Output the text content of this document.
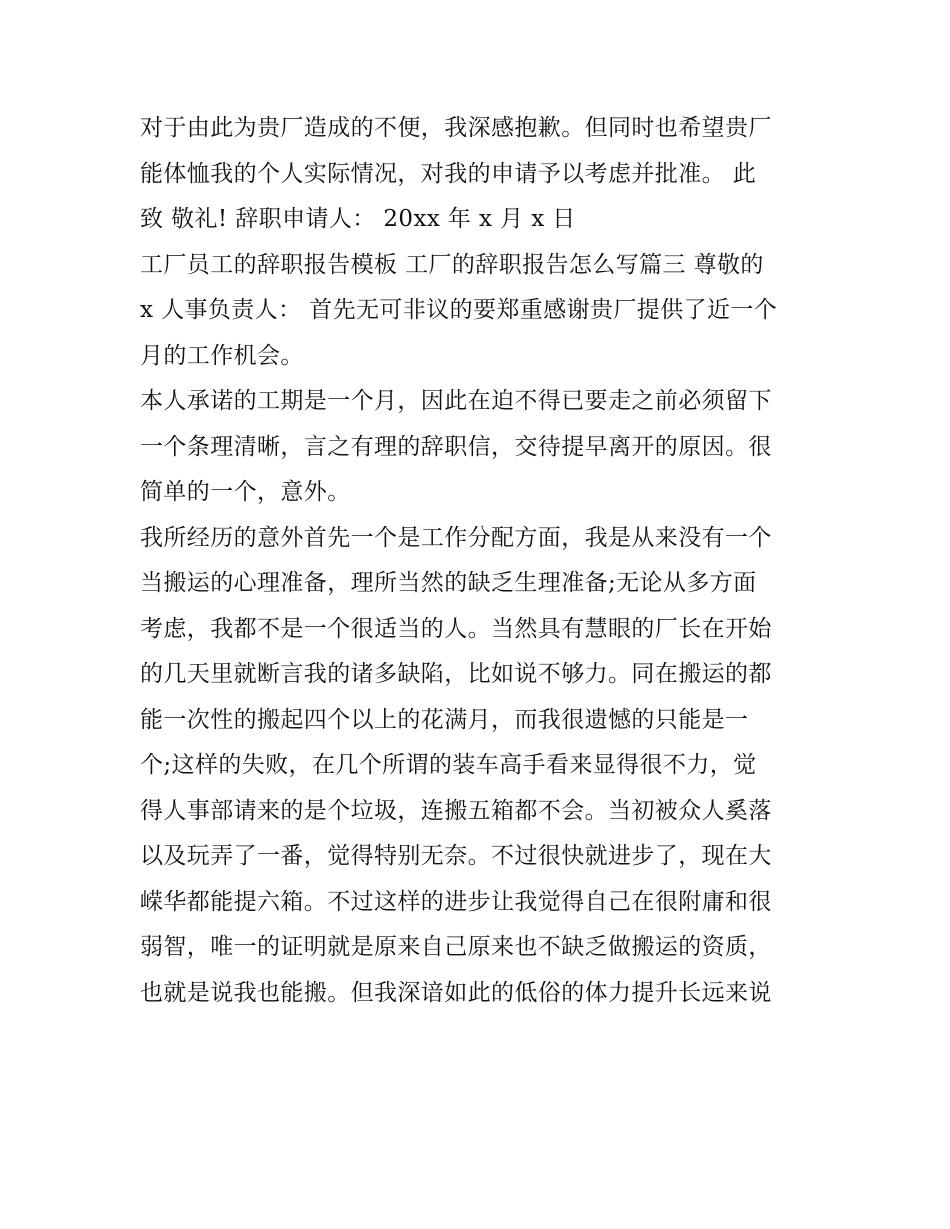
对于由此为贵厂造成的不便，我深感抱歉。但同时也希望贵厂
能体恤我的个人实际情况，对我的申请予以考虑并批准。 此
致 敬礼! 辞职申请人： 20xx 年 x 月 x 日
工厂员工的辞职报告模板 工厂的辞职报告怎么写篇三 尊敬的
x 人事负责人： 首先无可非议的要郑重感谢贵厂提供了近一个
月的工作机会。
本人承诺的工期是一个月，因此在迫不得已要走之前必须留下
一个条理清晰，言之有理的辞职信，交待提早离开的原因。很
简单的一个，意外。
我所经历的意外首先一个是工作分配方面，我是从来没有一个
当搬运的心理准备，理所当然的缺乏生理准备;无论从多方面
考虑，我都不是一个很适当的人。当然具有慧眼的厂长在开始
的几天里就断言我的诸多缺陷，比如说不够力。同在搬运的都
能一次性的搬起四个以上的花满月，而我很遗憾的只能是一
个;这样的失败，在几个所谓的装车高手看来显得很不力，觉
得人事部请来的是个垃圾，连搬五箱都不会。当初被众人奚落
以及玩弄了一番，觉得特别无奈。不过很快就进步了，现在大
嵘华都能提六箱。不过这样的进步让我觉得自己在很附庸和很
弱智，唯一的证明就是原来自己原来也不缺乏做搬运的资质，
也就是说我也能搬。但我深谙如此的低俗的体力提升长远来说
